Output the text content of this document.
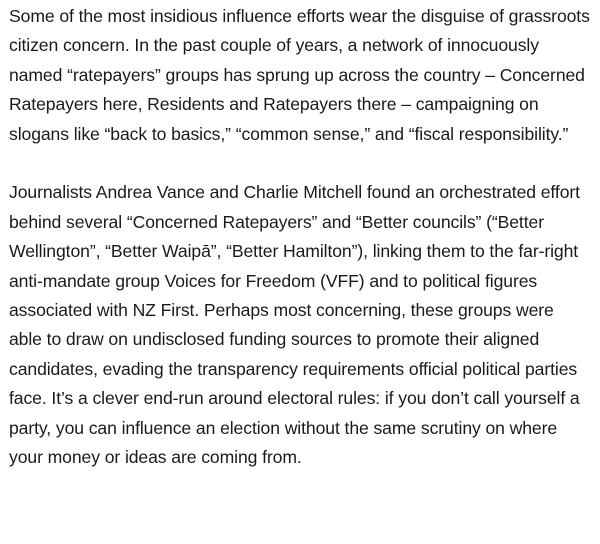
Some of the most insidious influence efforts wear the disguise of grassroots citizen concern. In the past couple of years, a network of innocuously named “ratepayers” groups has sprung up across the country – Concerned Ratepayers here, Residents and Ratepayers there – campaigning on slogans like “back to basics,” “common sense,” and “fiscal responsibility.”

Journalists Andrea Vance and Charlie Mitchell found an orchestrated effort behind several “Concerned Ratepayers” and “Better councils” (“Better Wellington”, “Better Waipā”, “Better Hamilton”), linking them to the far-right anti-mandate group Voices for Freedom (VFF) and to political figures associated with NZ First. Perhaps most concerning, these groups were able to draw on undisclosed funding sources to promote their aligned candidates, evading the transparency requirements official political parties face. It’s a clever end-run around electoral rules: if you don’t call yourself a party, you can influence an election without the same scrutiny on where your money or ideas are coming from.
